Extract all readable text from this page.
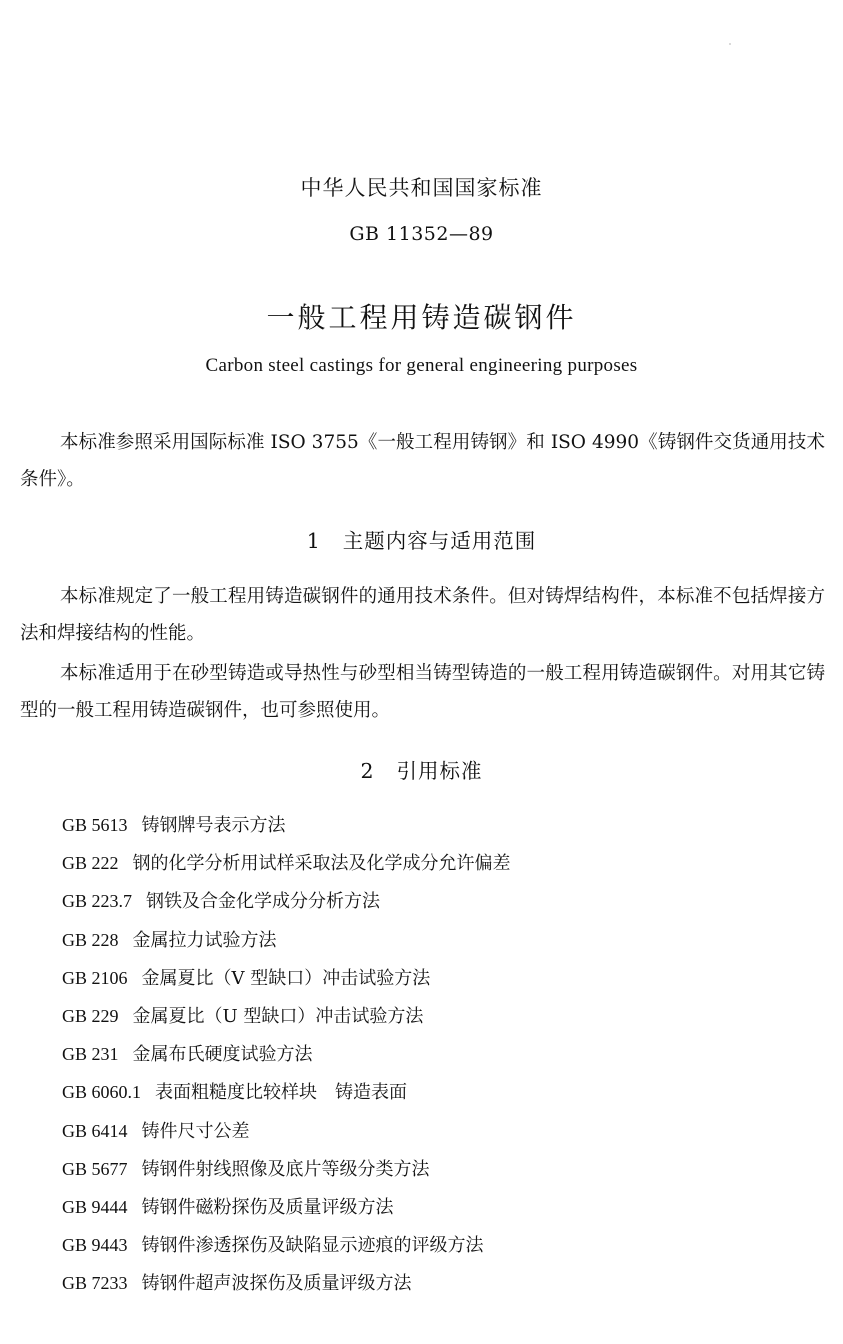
中华人民共和国国家标准
GB 11352—89
一般工程用铸造碳钢件
Carbon steel castings for general engineering purposes

本标准参照采用国际标准 ISO 3755《一般工程用铸钢》和 ISO 4990《铸钢件交货通用技术条件》。

1 主题内容与适用范围

本标准规定了一般工程用铸造碳钢件的通用技术条件。但对铸焊结构件，本标准不包括焊接方法和焊接结构的性能。

本标准适用于在砂型铸造或导热性与砂型相当铸型铸造的一般工程用铸造碳钢件。对用其它铸型的一般工程用铸造碳钢件，也可参照使用。

2 引用标准
GB 5613 铸钢牌号表示方法
GB 222 钢的化学分析用试样采取法及化学成分允许偏差
GB 223.7 钢铁及合金化学成分分析方法
GB 228 金属拉力试验方法
GB 2106 金属夏比（V 型缺口）冲击试验方法
GB 229 金属夏比（U 型缺口）冲击试验方法
GB 231 金属布氏硬度试验方法
GB 6060.1 表面粗糙度比较样块　铸造表面
GB 6414 铸件尺寸公差
GB 5677 铸钢件射线照像及底片等级分类方法
GB 9444 铸钢件磁粉探伤及质量评级方法
GB 9443 铸钢件渗透探伤及缺陷显示迹痕的评级方法
GB 7233 铸钢件超声波探伤及质量评级方法
